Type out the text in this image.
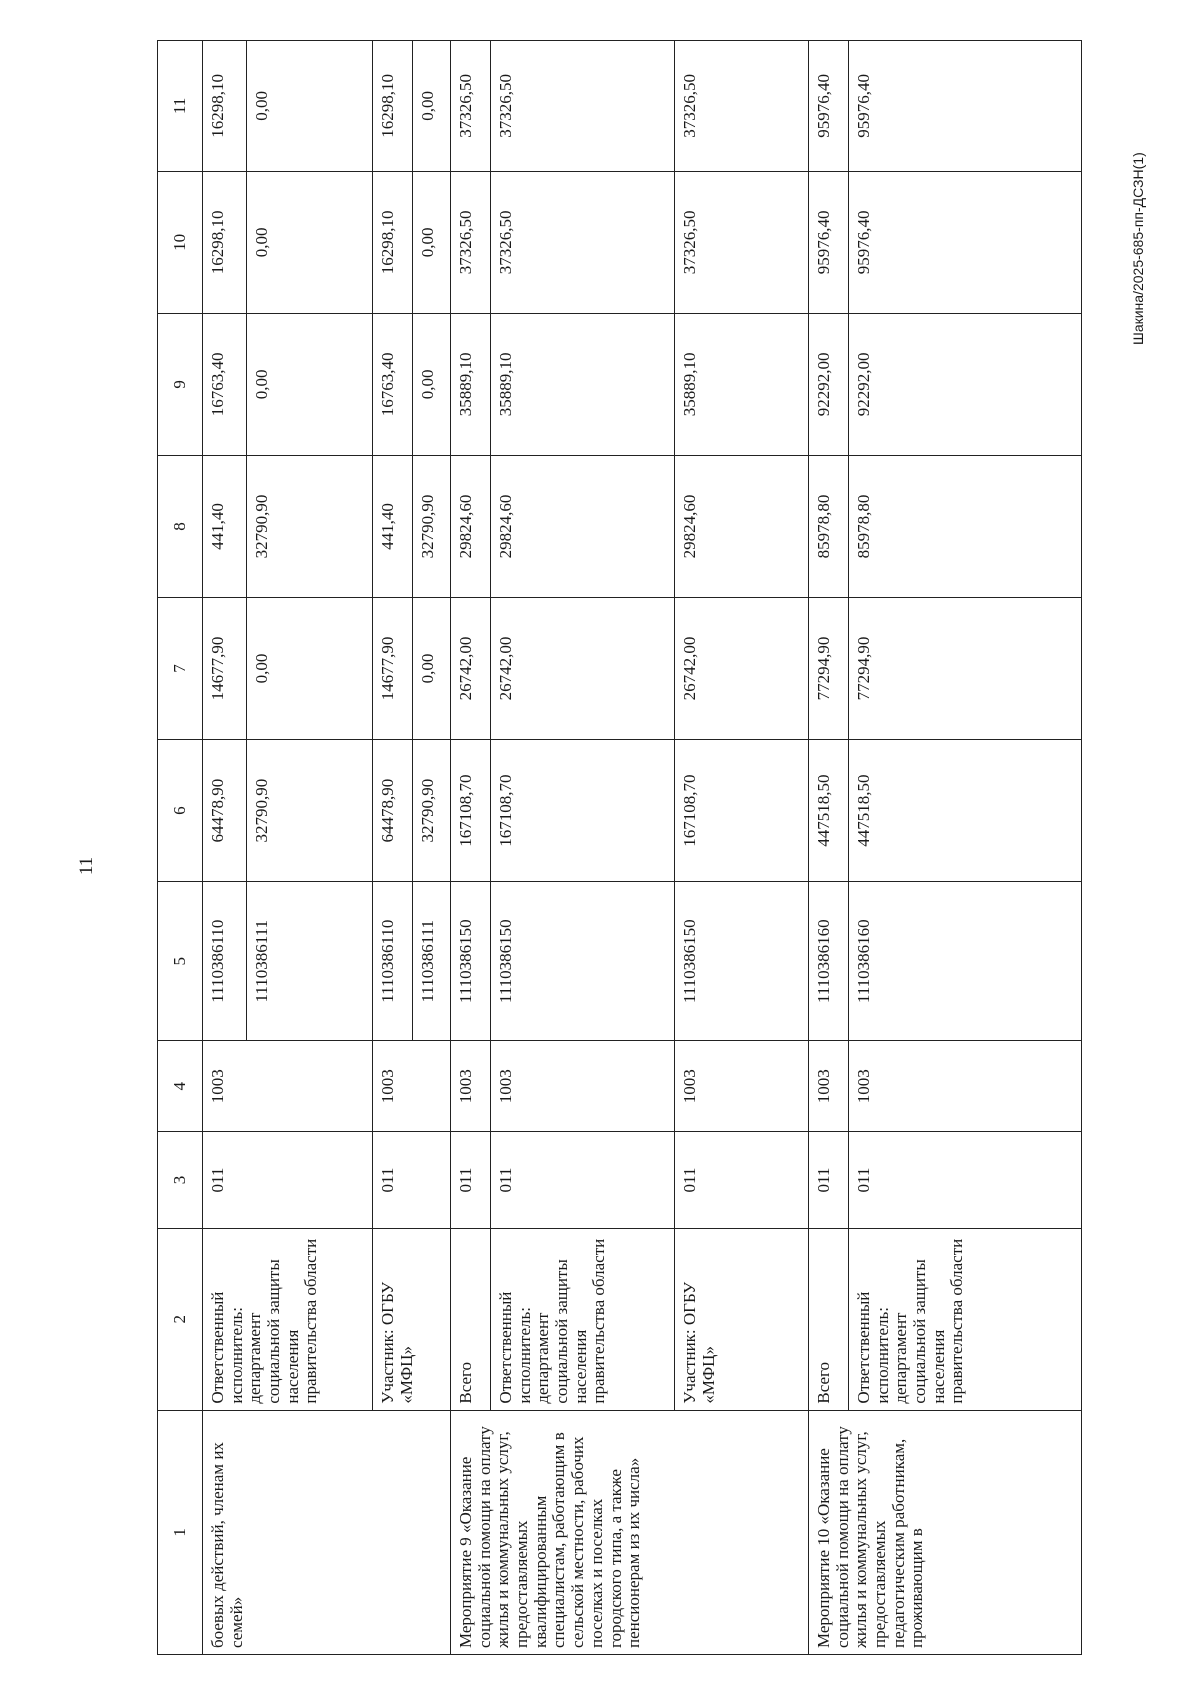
11
Шакина/2025-685-пп-ДСЗН(1)
1	2	3	4	5	6	7	8	9	10	11
боевых действий, членам их семей»	Ответственный исполнитель: департамент социальной защиты населения правительства области	011	1003	1110386110	64478,90	14677,90	441,40	16763,40	16298,10	16298,10
				1110386111	32790,90	0,00	32790,90	0,00	0,00	0,00
	Участник: ОГБУ «МФЦ»	011	1003	1110386110	64478,90	14677,90	441,40	16763,40	16298,10	16298,10
				1110386111	32790,90	0,00	32790,90	0,00	0,00	0,00
Мероприятие 9 «Оказание социальной помощи на оплату жилья и коммунальных услуг, предоставляемых квалифицированным специалистам, работающим в сельской местности, рабочих поселках и поселках городского типа, а также пенсионерам из их числа»	Всего	011	1003	1110386150	167108,70	26742,00	29824,60	35889,10	37326,50	37326,50
	Ответственный исполнитель: департамент социальной защиты населения правительства области	011	1003	1110386150	167108,70	26742,00	29824,60	35889,10	37326,50	37326,50
	Участник: ОГБУ «МФЦ»	011	1003	1110386150	167108,70	26742,00	29824,60	35889,10	37326,50	37326,50
Мероприятие 10 «Оказание социальной помощи на оплату жилья и коммунальных услуг, предоставляемых педагогическим работникам, проживающим в	Всего	011	1003	1110386160	447518,50	77294,90	85978,80	92292,00	95976,40	95976,40
	Ответственный исполнитель: департамент социальной защиты населения правительства области	011	1003	1110386160	447518,50	77294,90	85978,80	92292,00	95976,40	95976,40
